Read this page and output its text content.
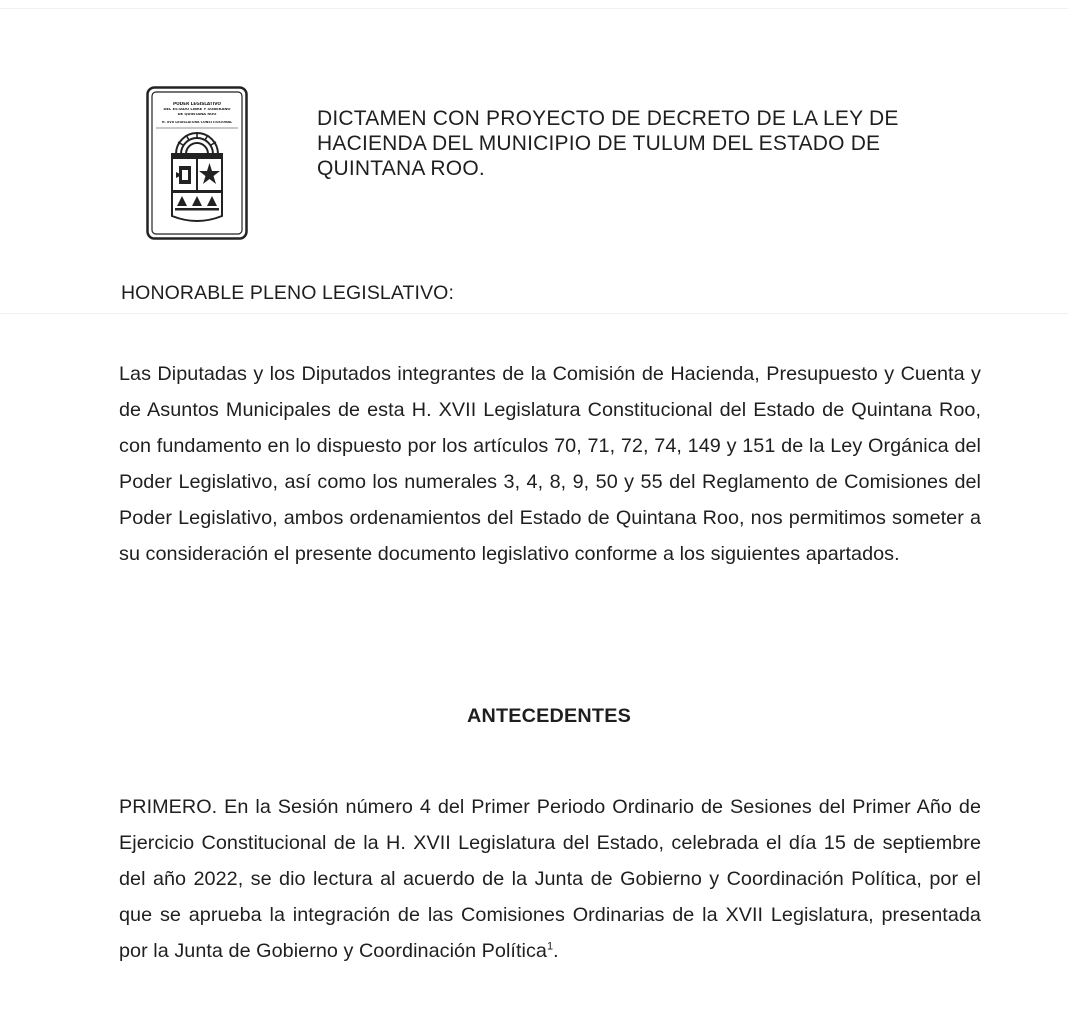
PODER LEGISLATIVO
DEL ESTADO LIBRE Y SOBERANO
DE QUINTANA ROO
H. XVII LEGISLATURA CONSTITUCIONAL	DICTAMEN CON PROYECTO DE DECRETO DE LA LEY DE HACIENDA DEL MUNICIPIO DE TULUM DEL ESTADO DE QUINTANA ROO.

HONORABLE PLENO LEGISLATIVO:

Las Diputadas y los Diputados integrantes de la Comisión de Hacienda, Presupuesto y Cuenta y de Asuntos Municipales de esta H. XVII Legislatura Constitucional del Estado de Quintana Roo, con fundamento en lo dispuesto por los artículos 70, 71, 72, 74, 149 y 151 de la Ley Orgánica del Poder Legislativo, así como los numerales 3, 4, 8, 9, 50 y 55 del Reglamento de Comisiones del Poder Legislativo, ambos ordenamientos del Estado de Quintana Roo, nos permitimos someter a su consideración el presente documento legislativo conforme a los siguientes apartados.

ANTECEDENTES

PRIMERO. En la Sesión número 4 del Primer Periodo Ordinario de Sesiones del Primer Año de Ejercicio Constitucional de la H. XVII Legislatura del Estado, celebrada el día 15 de septiembre del año 2022, se dio lectura al acuerdo de la Junta de Gobierno y Coordinación Política, por el que se aprueba la integración de las Comisiones Ordinarias de la XVII Legislatura, presentada por la Junta de Gobierno y Coordinación Política$^1$.
